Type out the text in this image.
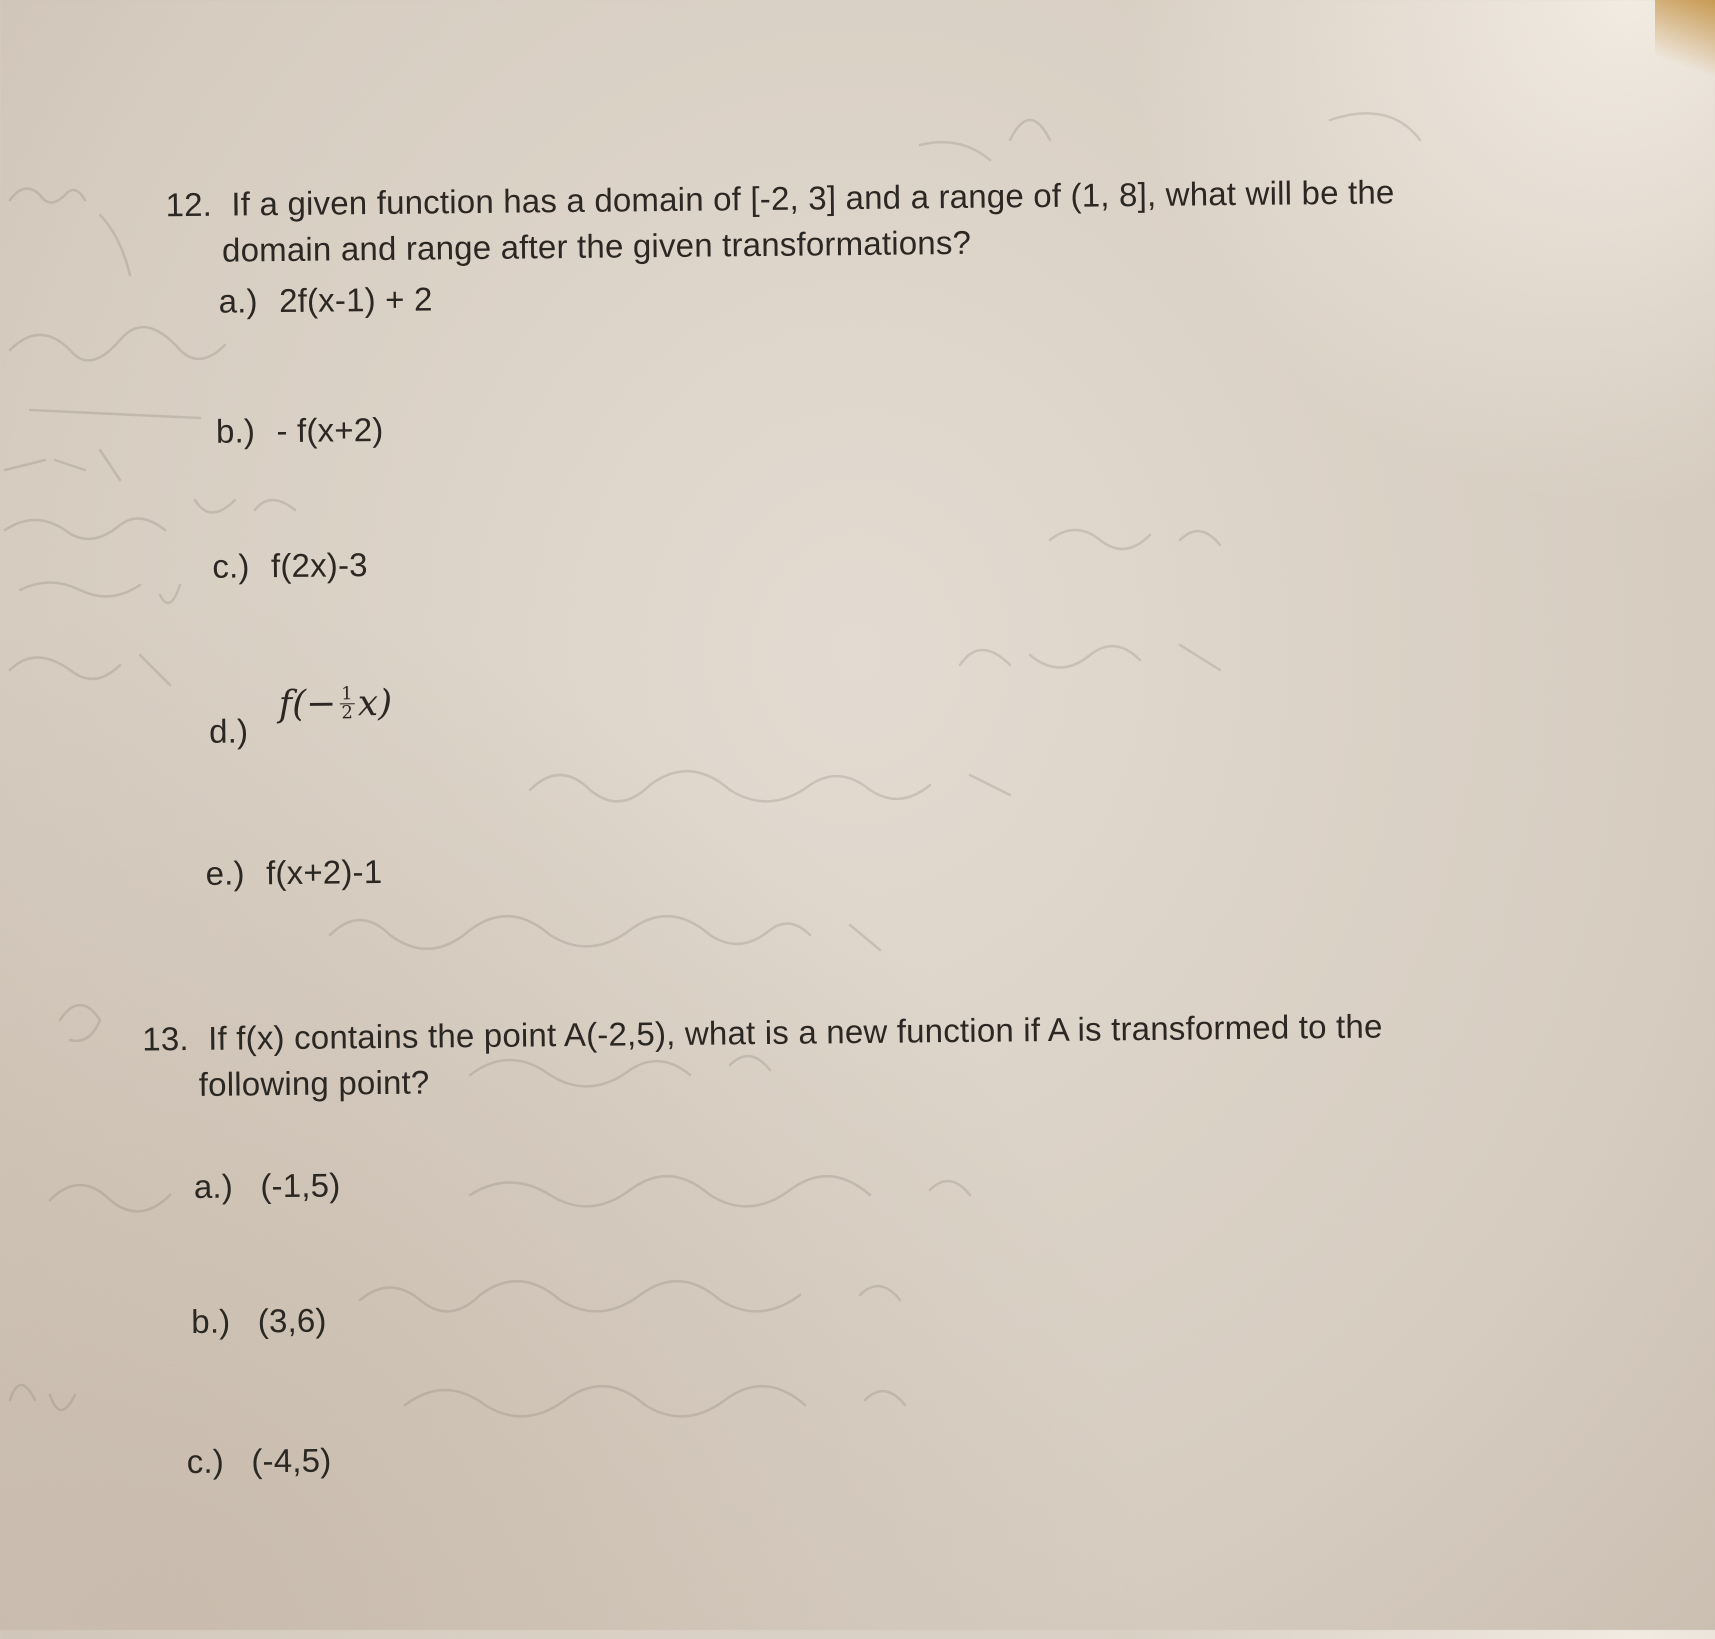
12. If a given function has a domain of [-2, 3] and a range of (1, 8], what will be the
domain and range after the given transformations?
a.) 2f(x-1) + 2
b.) - f(x+2)
c.) f(2x)-3
d.)
$f(- \frac{1}{2} x)$
e.) f(x+2)-1
13. If f(x) contains the point A(-2,5), what is a new function if A is transformed to the
following point?
a.) (-1,5)
b.) (3,6)
c.) (-4,5)
